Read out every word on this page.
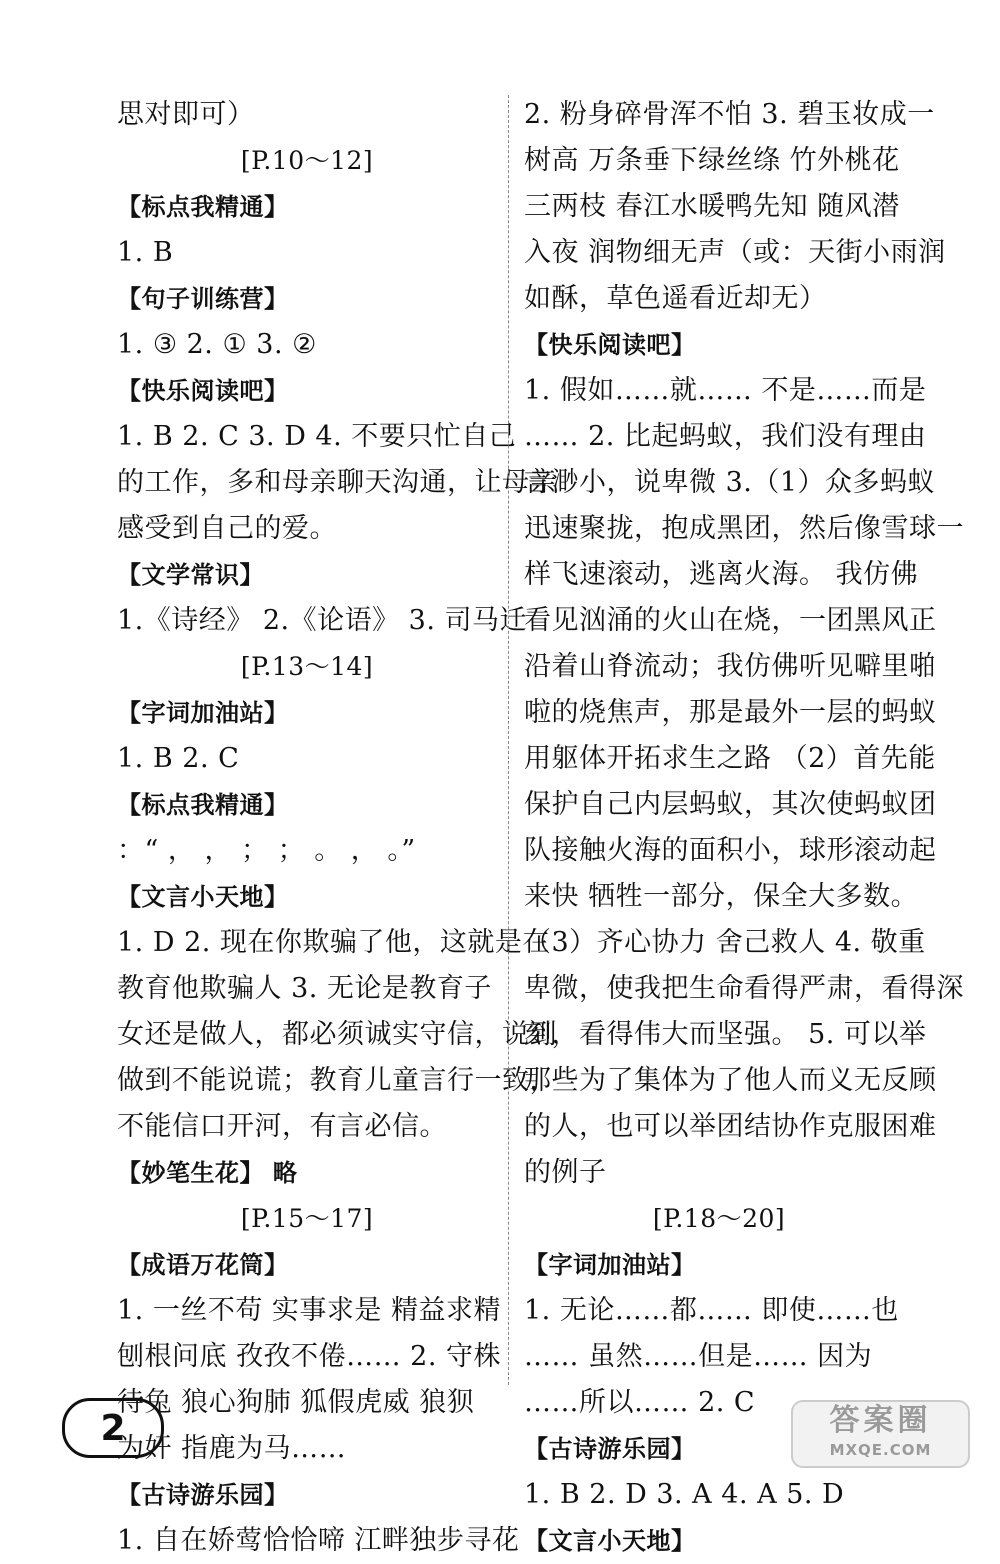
思对即可）
[P.10～12]
【标点我精通】
1. B
【句子训练营】
1. ③ 2. ① 3. ②
【快乐阅读吧】
1. B 2. C 3. D 4. 不要只忙自己
的工作，多和母亲聊天沟通，让母亲
感受到自己的爱。
【文学常识】
1.《诗经》 2.《论语》 3. 司马迁
[P.13～14]
【字词加油站】
1. B 2. C
【标点我精通】
：“ ， ， ； ； 。 ， 。”
【文言小天地】
1. D 2. 现在你欺骗了他，这就是在
教育他欺骗人 3. 无论是教育子
女还是做人，都必须诚实守信，说到
做到不能说谎；教育儿童言行一致，
不能信口开河，有言必信。
【妙笔生花】 略
[P.15～17]
【成语万花筒】
1. 一丝不苟 实事求是 精益求精
刨根问底 孜孜不倦…… 2. 守株
待兔 狼心狗肺 狐假虎威 狼狈
为奸 指鹿为马……
【古诗游乐园】
1. 自在娇莺恰恰啼 江畔独步寻花
2. 粉身碎骨浑不怕 3. 碧玉妆成一
树高 万条垂下绿丝绦 竹外桃花
三两枝 春江水暖鸭先知 随风潜
入夜 润物细无声（或：天街小雨润
如酥，草色遥看近却无）
【快乐阅读吧】
1. 假如……就…… 不是……而是
…… 2. 比起蚂蚁，我们没有理由
言渺小，说卑微 3.（1）众多蚂蚁
迅速聚拢，抱成黑团，然后像雪球一
样飞速滚动，逃离火海。 我仿佛
看见汹涌的火山在烧，一团黑风正
沿着山脊流动；我仿佛听见噼里啪
啦的烧焦声，那是最外一层的蚂蚁
用躯体开拓求生之路 （2）首先能
保护自己内层蚂蚁，其次使蚂蚁团
队接触火海的面积小，球形滚动起
来快 牺牲一部分，保全大多数。
（3）齐心协力 舍己救人 4. 敬重
卑微，使我把生命看得严肃，看得深
刻，看得伟大而坚强。 5. 可以举
那些为了集体为了他人而义无反顾
的人，也可以举团结协作克服困难
的例子
[P.18～20]
【字词加油站】
1. 无论……都…… 即使……也
…… 虽然……但是…… 因为
……所以…… 2. C
【古诗游乐园】
1. B 2. D 3. A 4. A 5. D
【文言小天地】
2	答案圈
MXQE.COM
